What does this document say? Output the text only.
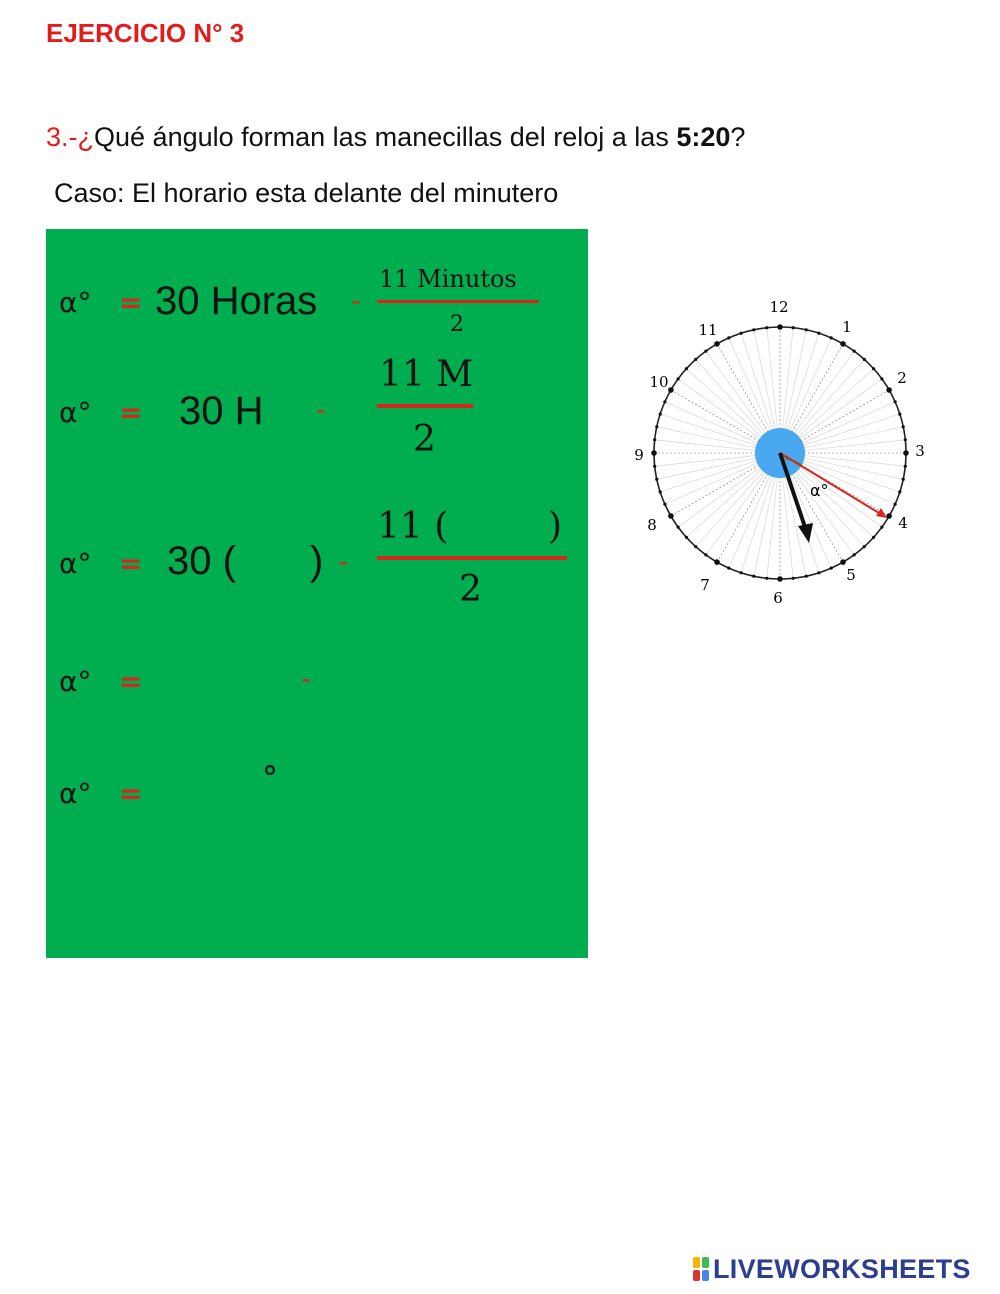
EJERCICIO N° 3
3.-¿Qué ángulo forman las manecillas del reloj a las 5:20?
Caso: El horario esta delante del minutero
α° = 30 Horas -
11 Minutos
2
α° = 30 H -
11 M
2
α° = 30 ( ) -
11 (	)
2
α° =	-
α° =	°
12
1
2
3
4
5
6
7
8
9
10
11
α°
LIVEWORKSHEETS
